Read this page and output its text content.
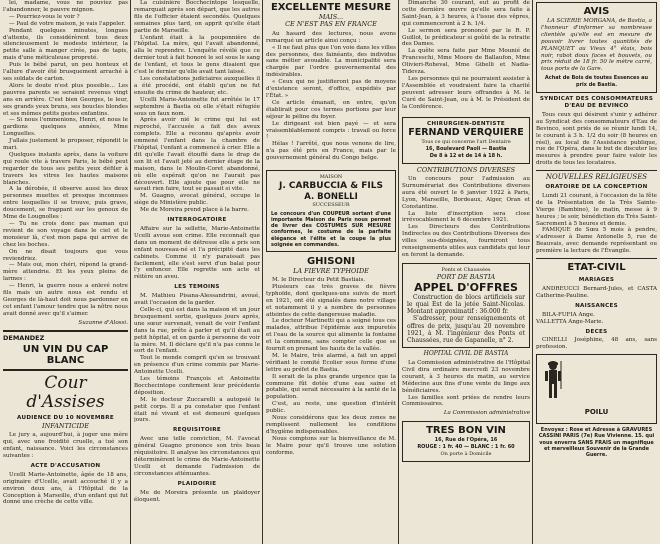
lei, madame, vous ne pouviez pas l'abandonner, le pauvre mignon.

— Pourriez-vous le voir ?

— Paul de votre maison, je vais l'appeler.

Pendant quelques minutes, longues d'attente, ils considérèrent tous deux silencieusement le modeste intérieur, la petite salle à manger cirée, pas de tapis, mais d'une méticuleuse propreté.

Puis le bébé parut, un peu honteux et l'allure d'avoir été brusquement arraché à ses soldats de carton.

Alors le doute n'est plus possible... Les pauvres parents se seraient revenus vingt ans en arrière. C'est bien Georges, le leur, ses grands yeux bruns, ses boucles blondes et ses mêmes petits gestes enfantins.

— Si nous l'emmenions, Henri, et nous le gardions quelques années, Mme Longuelles.

J'allais justement le proposer, répondit le mari.

Quelques instants après, dans la voiture qui roule vite à travers Paris, le bébé peut regarder de tous ses petits yeux défiler à travers les vitres les hautes maisons blanches.

A la dérobée, il observe aussi les deux personnes muettes et presque inconnues entre lesquelles il se trouve, puis grave, doucement, se frappant sur les genoux de Mme de Lougnolles :

— Tu ne crois donc pas maman qui revient de son voyage dans le ciel et le monsieur là, c'est mon papa qui arrive de chez les boches.

On ne disait toujours que vous reviendriez.

— Mais oui, mon chéri, répond la grand-mère attendrie. Et les yeux pleins de larmes :

— Henri, la guerre nous a enlevé notre fils mais un autre nous est rendu et Georges de là-haut doit nous pardonner en cet enfant l'amour tendre que la nôtre nous avait donné avec qu'il s'aimer.

Suzanne d'Alossi.
DEMANDEZ
UN VIN DU CAP BLANC
Cour d'Assises
AUDIENCE DU 10 NOVEMBRE
INFANTICIDE

Le jury a, aujourd'hui, à juger une mère qui, avec une froidité cruelle, a tué son enfant, naissance. Voici les circonstances suivantes :

ACTE D'ACCUSATION

Ucelli Marie-Antoinette, âgée de 18 ans, originaire d'Ucelle, avait accouché il y a environ deux ans, à l'Hôpital de la Conception à Marseille, d'un enfant qui fut donné une crèche de cette ville.

La cuisinière Bocchecintope lesquelle, remarquait après son départ, que les autres fils de l'officier étaient secondés. Quelques semaines plus tard, on apprit qu'elle était partie de Marseille.

L'enfant était à la pouponnière de l'hôpital. La mère, qui l'avait abandonné, alla le reprendre. L'enquête révélé que ce dernier tout à fait honoré le sol sous le sang de l'enfant, et tous le gens disaient que c'est le dernier qu'elle avait tant laissé.

Les constatations judiciaires auxquelles il a été procédé, ont établi qu'un ne fut ensuite du crime de hauteur, etc.

Ucelli Marie-Antoinette fut arrêtée le 17 septembre à Bastia où elle s'était réfugiée sous un faux nom.

Après avoir nié le crime qui lui est reproché, l'accusée a fait des aveux complets. Elle a reconnu qu'après avoir emmené l'enfant dans la chambre de l'hôpital, l'enfant a commencé à crier. Elle a dit qu'elle l'avait étouffé dans le drap de son lit et l'avait jeté au dernier étage de la maison, dans le Moulin-Coret abandonné, où elle espérait qu'on ne l'aurait pas découvert. Elle ajoute que pour elle ne savait rien faire, tout se passait si vite.

M. Guagno, avocat général, occupe le siège du Ministère public.

Me de Moreira prend place à la barre.

INTERROGATOIRE

Affaire sur la sellette, Marie-Antoinette Ucelli avoue son crime. Elle reconnaît que dans un moment de détresse elle a pris son enfant nouveau-né et l'a précipité dans les cabinets. Comme il n'y paraissait pas facilement, elle s'est servi d'un balai pour l'y enfoncer. Elle regrette son acte et réitère un aveu.

LES TEMOINS

M. Mathieu Pisana-Alessandrini, avoué, avait l'occasion de la garder.

Celle-ci, qui est dans la maison et un jour brusquement sortie, quelques jours après, une sœur survenait, venait de voir l'enfant dans la rue, prête à parler et qu'il était au petit hôpital, et en garde à personne de voir la mère. M. Il déclare qu'il n'a pas connu le sort de l'enfant.

Tout le monde comprit qu'en se trouvant en présence d'un crime commis par Marie-Antoinette Ucelli.

Les témoins François et Antoinette Bocchecintope confirment leur précédente déposition.

M. le docteur Zuccarelli a autopsié le petit corps. Il a pu constater que l'enfant était né vivant et est demeuré quelques jours.

REQUISITOIRE

Avec une telle conviction, M. l'avocat général Guagno prononce son très beau réquisitoire. Il analyse les circonstances qui déterminèrent le crime de Marie-Antoinette Ucelli et demande l'admission de circonstances atténuantes.

PLAIDOIRIE

Me de Moreira présente un plaidoyer éloquent.

EXCELLENTE MESURE
MAIS...
CE N'EST PAS EN FRANCE

Au hasard des lectures, nous avons remarqué un article ainsi conçu :

« Il ne faut plus que l'on voie dans les villes des personnes, des fainéants, des individus sans métier avouable. La municipalité sera chargée par l'ordre gouvernemental des indésirables.

« Ceux qui ne justifieront pas de moyens d'existence seront, d'office, expédiés par l'État. »

Ce article émanait, on entre, qu'on établirait pour ces termes portions par leur séjour le péline du foyer.

Le dirigeant est bien payé — et sera vraisemblablement compris : travail ou force !

Hélas ! l'arrêté, que nous venons de lire, n'a pas été pris en France, mais par le gouvernement général du Congo belge.

MAISON
J. CARBUCCIA & FILS
A. BONELLI
SUCCESSEUR

Le concours d'un COUPEUR sortant d'une importante Maison de Paris nous permet de livrer des COSTUMES SUR MESURE conformes, le costume de la parfaite élégance et l'élite et la coupe la plus soignée en commandes.

GHISONI
LA FIEVRE TYPHOIDE

M. le Directeur du Petit Bastiais.

Plusieurs cas très graves de fièvre typhoïde, dont quelques-uns suivis de mort en 1921, ont été signalés dans notre village et notamment il y a nombre de personnes atteintes de cette dangereuse maladie.

Le docteur Martinetti qui a soigné tous ces malades, attribue l'épidémie aux impuretés et l'eau de la source qui alimente la fontaine et la commune, sans compter celle que se fournit en prenant les hauts de la vallée.

M. le Maire, très alarmé, a fait un appel vérifiant le comité Ecolier sous forme d'une lettre au préfet de Bastia.

Il serait de la plus grande urgence que la commune fût dotée d'une eau saine et potable, qui serait nécessaire à la santé de la population.

C'est, au reste, une question d'intérêt public.

Nous considérons que les deux zones ne remplissent nullement les conditions d'hygiène indispensables.

Nous comptons sur la bienveillance de M. le Maire pour qu'il trouve une solution conforme.

Dimanche 30 courant, eut au profit de cette dernière œuvre qu'elle sera faite à Saint-Jean, à 3 heures, à l'issue des vêpres, qui commenceront à 2 h. 1/4.

Le sermon sera prononcé par le R. P. Guillot, le prédicateur si goûté de la retraite des Dames.

La quête sera faite par Mme Mounié de Franceschi, Mme Moore de Ballaufon, Mme Olivieri-Roheval, Mme Gibelli et Nadia-Tidevza.

Les personnes qui ne pourraient assister à l'Assemblée et voudraient faire la charité peuvent adresser leurs offrandes à M. le Curé de Saint-Jean, ou à M. le Président de la Conférence.

CHIRURGIEN-DENTISTE
FERNAND VERQUIERE
Tous ce qui concerne l'art Dentaire
16, Boulevard Paoli — Bastia
De 8 à 12 et de 14 à 18 h.
CONTRIBUTIONS DIVERSES

Un concours pour l'admission au Surnumérariat des Contributions diverses aura été ouvert le 6 janvier 1922 à Paris, Lyon, Marseille, Bordeaux, Alger, Oran et Constantine.

La liste d'inscription sera close irrévocablement le 6 décembre 1921.

Les Directeurs des Contributions Indirectes ou des Contributions Diverses des villes sus-désignées, fourniront tous renseignements utiles aux candidats qui leur en feront la demande.

Ponts et Chaussées
PORT DE BASTIA
APPEL D'OFFRES

Construction de blocs artificiels sur le quai Est de la jetée Saint-Nicolas. Montant approximatif : 36.000 fr.

S'adresser, pour renseignements et offres de prix, jusqu'au 20 novembre 1921, à M. l'ingénieur des Ponts et Chaussées, rue de Gapanelle, n° 2.

HOPITAL CIVIL DE BASTIA

La Commission administrative de l'Hôpital Civil dira ordinaire mercredi 23 novembre courant, à 3 heures du matin, au service Médecine aux fins d'une vente du linge aux bénéficiaires.

Les familles sont priées de rendre leurs Commissaires.

La Commission administrative
TRES BON VIN
16, Rue de l'Opéra, 16
ROUGE : 1 fr. 40 — BLANC : 1 fr. 60
On porte à Domicile
AVIS

LA SCIERIE MORGANA, de Bastia, a l'honneur d'informer sa nombreuse clientèle qu'elle est en mesure de pouvoir livrer toutes quantités de PLANQUET au Vieux 4° étais, bois noir, rabot doux faces et bouvets, ou prix réduit de 18 fr. 50 le mètre carré, tous ports de la Gare.

Achat de Bois de toutes Essences au prix de Bastia.
SYNDICAT DES CONSOMMATEURS D'EAU DE BEVINCO

Tous ceux qui désirent s'unir y adhérer au Syndicat des consommateurs d'Eau de Bevinco, sont priés de se réunir lundi 14, le courant à 3 h. 1/2 du soir (8 heures en réel), au local de l'Assistance publique, rue de l'Opéra, dans le but de discuter les mesures à prendre pour faire valoir les droits de tous les locataires.

NOUVELLES RELIGIEUSES
ORATOIRE DE LA CONCEPTION

Lundi 21 courant, à l'occasion de la fête de la Présentation de la Très Sainte-Vierge (Bambino), le matin, messe à 9 heures ; le soir, bénédiction du Très Saint-Sacrement à 5 heures et demie.

FAMIQUE de Sœu 5 mois à pendre, s'adresser à Dame Antonelle 5, rue de Beauvais, avec demande représentant ou première la lecture de l'Évangile.

ETAT-CIVIL
MARIAGES

ANDREUCCI Bernard-Jules, et CASTA Catherine-Pauline.

NAISSANCES

BILA-FUFIA Ange.
VALLETTA Ange-Marie.

DECES

CINELLI Joséphine, 48 ans, sans profession.

POILU

Envoyez : Rose et Adresse à GRAVURES CASSINI PARIS (7e) Rue Vivienne. 15. qui vous enverra SANS FRAIS un magnifique et merveilleux Souvenir de la Grande Guerre.
